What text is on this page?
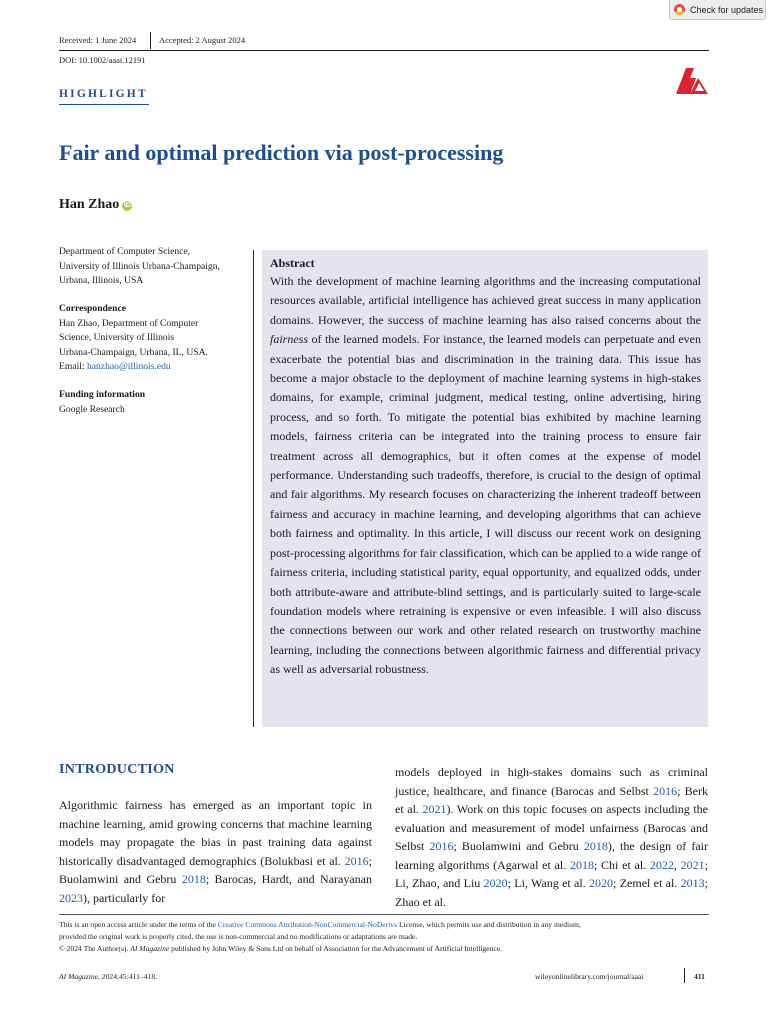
Check for updates
Received: 1 June 2024	Accepted: 2 August 2024
DOI: 10.1002/aaai.12191
HIGHLIGHT
Fair and optimal prediction via post-processing
Han Zhao iD
Department of Computer Science,
University of Illinois Urbana-Champaign,
Urbana, Illinois, USA
Correspondence
Han Zhao, Department of Computer
Science, University of Illinois
Urbana-Champaign, Urbana, IL, USA.
Email: hanzhao@illinois.edu
Funding information
Google Research
Abstract

With the development of machine learning algorithms and the increasing computational resources available, artificial intelligence has achieved great success in many application domains. However, the success of machine learning has also raised concerns about the fairness of the learned models. For instance, the learned models can perpetuate and even exacerbate the potential bias and discrimination in the training data. This issue has become a major obstacle to the deployment of machine learning systems in high-stakes domains, for example, criminal judgment, medical testing, online advertising, hiring process, and so forth. To mitigate the potential bias exhibited by machine learning models, fairness criteria can be integrated into the training process to ensure fair treatment across all demographics, but it often comes at the expense of model performance. Understanding such tradeoffs, therefore, is crucial to the design of optimal and fair algorithms. My research focuses on characterizing the inherent tradeoff between fairness and accuracy in machine learning, and developing algorithms that can achieve both fairness and optimality. In this article, I will discuss our recent work on designing post-processing algorithms for fair classification, which can be applied to a wide range of fairness criteria, including statistical parity, equal opportunity, and equalized odds, under both attribute-aware and attribute-blind settings, and is particularly suited to large-scale foundation models where retraining is expensive or even infeasible. I will also discuss the connections between our work and other related research on trustworthy machine learning, including the connections between algorithmic fairness and differential privacy as well as adversarial robustness.

INTRODUCTION
Algorithmic fairness has emerged as an important topic in machine learning, amid growing concerns that machine learning models may propagate the bias in past training data against historically disadvantaged demographics (Bolukbasi et al. 2016; Buolamwini and Gebru 2018; Barocas, Hardt, and Narayanan 2023), particularly for
models deployed in high-stakes domains such as criminal justice, healthcare, and finance (Barocas and Selbst 2016; Berk et al. 2021). Work on this topic focuses on aspects including the evaluation and measurement of model unfairness (Barocas and Selbst 2016; Buolamwini and Gebru 2018), the design of fair learning algorithms (Agarwal et al. 2018; Chi et al. 2022, 2021; Li, Zhao, and Liu 2020; Li, Wang et al. 2020; Zemel et al. 2013; Zhao et al.
This is an open access article under the terms of the Creative Commons Attribution-NonCommercial-NoDerivs License, which permits use and distribution in any medium,
provided the original work is properly cited, the use is non-commercial and no modifications or adaptations are made.
© 2024 The Author(s). AI Magazine published by John Wiley & Sons Ltd on behalf of Association for the Advancement of Artificial Intelligence.
AI Magazine. 2024;45:411–418.	wileyonlinelibrary.com/journal/aaai	411
